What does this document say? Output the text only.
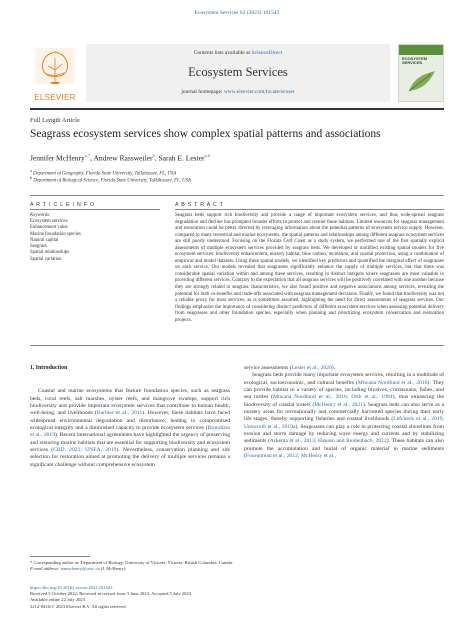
Ecosystem Services 63 (2023) 101543
ELSEVIER
Contents lists available at ScienceDirect
Ecosystem Services
journal homepage: www.elsevier.com/locate/ecoser
ECOSYSTEM SERVICES
Full Length Article
Seagrass ecosystem services show complex spatial patterns and associations
Jennifer McHenry$^{a,*}$, Andrew Rassweiler$^b$, Sarah E. Lester$^{a,b}$
$^a$ Department of Geography, Florida State University, Tallahassee, FL, USA
$^b$ Department of Biological Science, Florida State University, Tallahassee, FL, USA
A R T I C L E I N F O	A B S T R A C T
Keywords:
Ecosystem services
Enhancement value
Marine foundation species
Natural capital
Seagrass
Spatial relationships
Spatial variation
Seagrass beds support rich biodiversity and provide a range of important ecosystem services, and thus wide-spread seagrass degradation and decline has prompted broader efforts to protect and restore these habitats. Limited resources for seagrass management and restoration could be better directed by leveraging information about the potential patterns of ecosystem service supply. However, compared to many terrestrial and marine ecosystems, the spatial patterns and relationships among different seagrass ecosystem services are still poorly understood. Focusing on the Florida Gulf Coast as a study system, we performed one of the first spatially explicit assessments of multiple ecosystem services provided by seagrass beds. We developed or modified existing spatial models for five ecosystem services: biodiversity enhancement, nursery habitat, blue carbon, recreation, and coastal protection, using a combination of empirical and model datasets. Using these spatial models, we identified key predictors and quantified the marginal effect of seagrasses on each service. Our models revealed that seagrasses significantly enhance the supply of multiple services, but that there was considerable spatial variation within and among these services, resulting in distinct hotspots where seagrasses are most valuable in providing different services. Contrary to the expectation that all seagrass services will be positively correlated with one another because they are strongly related to seagrass characteristics, we also found positive and negative associations among services, revealing the potential for both co-benefits and trade-offs associated with seagrass management decisions. Finally, we found that biodiversity was not a reliable proxy for most services, as is sometimes assumed, highlighting the need for direct assessments of seagrass services. Our findings emphasize the importance of considering distinct predictors of different ecosystem services when assessing potential delivery from seagrasses and other foundation species, especially when planning and prioritizing ecosystem conservation and restoration projects.
1. Introduction

Coastal and marine ecosystems that feature foundation species, such as seagrass beds, coral reefs, salt marshes, oyster reefs, and mangrove swamps, support rich biodiversity and provide important ecosystem services that contribute to human health, well-being, and livelihoods (Barbier et al., 2011). However, these habitats have faced widespread environmental degradation and disturbance, leading to compromised ecological integrity and a diminished capacity to provide ecosystem services (Brondízio et al., 2019). Recent international agreements have highlighted the urgency of preserving and restoring marine habitats that are essential for supporting biodiversity and ecosystem services (CBD, 2021; UNEA, 2019). Nevertheless, conservation planning and site selection for restoration aimed at promoting the delivery of multiple services remains a significant challenge without comprehensive ecosystem

service assessments (Lester et al., 2020).

Seagrass beds provide many important ecosystem services, resulting in a multitude of ecological, socioeconomic, and cultural benefits (Mtwana Nordlund et al., 2016). They can provide habitat to a variety of species, including bivalves, crustaceans, fishes, and sea turtles (Mtwana Nordlund et al., 2016; Orth et al., 1984), thus enhancing the biodiversity of coastal waters (McHenry et al., 2021). Seagrass beds can also serve as a nursery areas for recreationally and commercially harvested species during their early life stages, thereby supporting fisheries and coastal livelihoods (Lefcheck et al., 2019; Unsworth et al., 2019a). Seagrasses can play a role in protecting coastal shorelines from erosion and storm damage by reducing wave energy and currents and by stabilizing sediments (Arkema et al., 2013; Hansen and Reidenbach, 2012). These habitats can also promote the accumulation and burial of organic material in marine sediments (Fourqurean et al., 2012; McHenry et al.,

* Corresponding author at: Department of Biology, University of Victoria, Victoria, British Columbia, Canada.
E-mail address: jenmchenry@uvic.ca (J. McHenry).
https://doi.org/10.1016/j.ecoser.2023.101543
Received 5 October 2022; Received in revised form 3 June 2023; Accepted 5 July 2023
Available online 22 July 2023
2212-0416/© 2023 Elsevier B.V. All rights reserved.
